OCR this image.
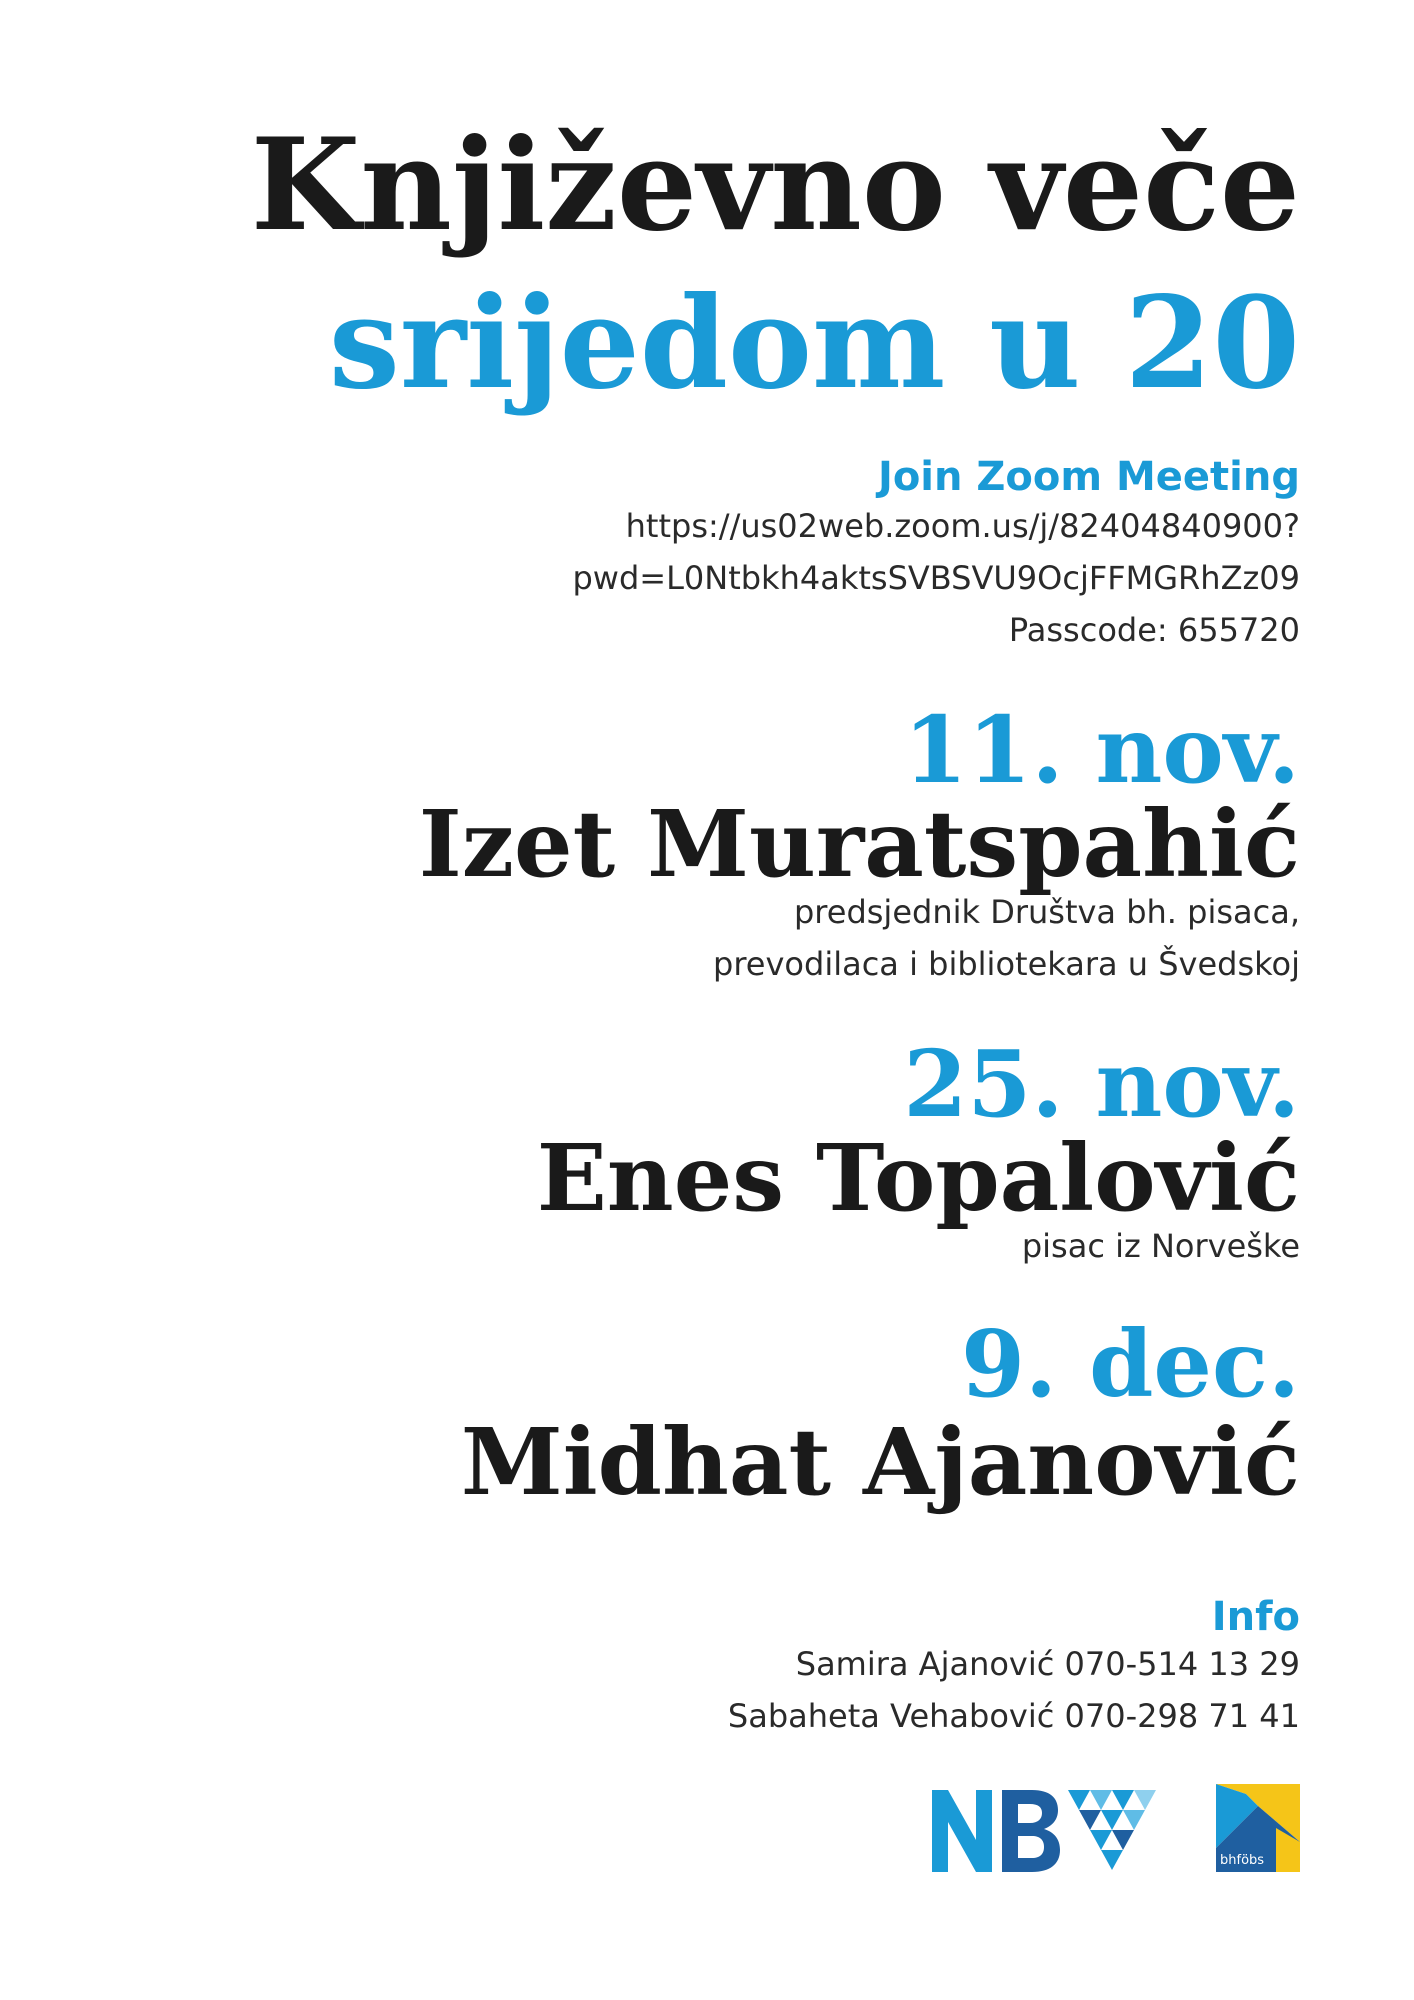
Književno veče
srijedom u 20
Join Zoom Meeting
https://us02web.zoom.us/j/82404840900?
pwd=L0Ntbkh4aktsSVBSVU9OcjFFMGRhZz09
Passcode: 655720
11. nov.
Izet Muratspahić
predsjednik Društva bh. pisaca,
prevodilaca i bibliotekara u Švedskoj
25. nov.
Enes Topalović
pisac iz Norveške
9. dec.
Midhat Ajanović
Info
Samira Ajanović 070-514 13 29
Sabaheta Vehabović 070-298 71 41
bhföbs
